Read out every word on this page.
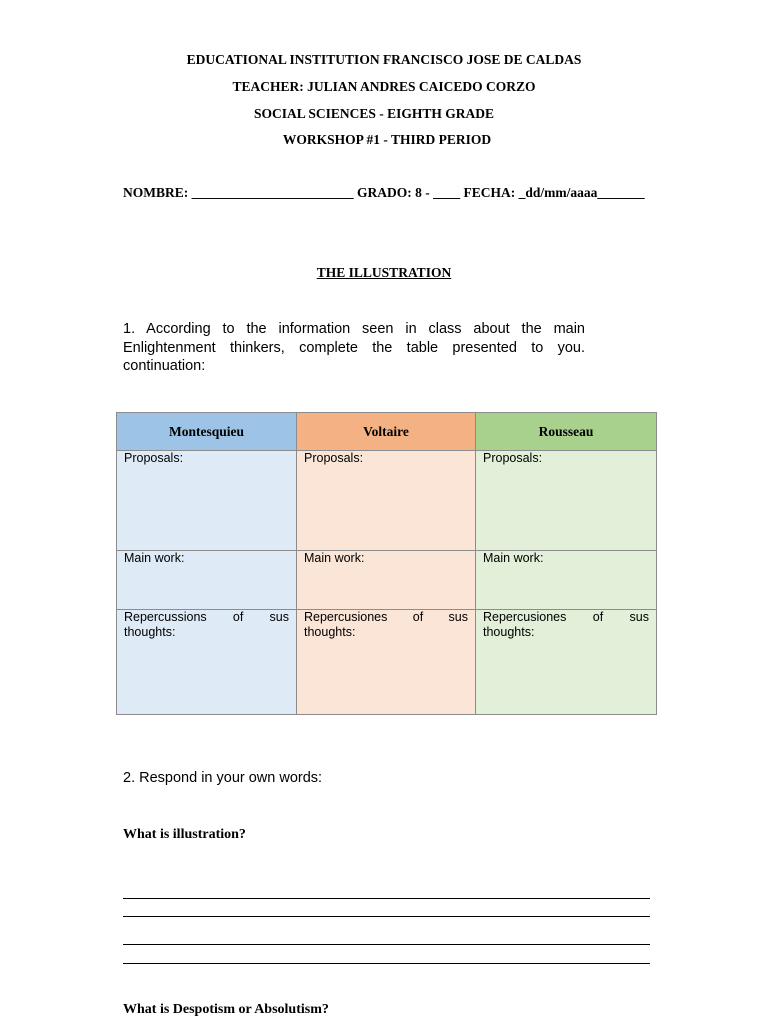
EDUCATIONAL INSTITUTION FRANCISCO JOSE DE CALDAS
TEACHER: JULIAN ANDRES CAICEDO CORZO
SOCIAL SCIENCES - EIGHTH GRADE
WORKSHOP #1 - THIRD PERIOD
NOMBRE: ________________________ GRADO: 8 - ____ FECHA: _dd/mm/aaaa_______
THE ILLUSTRATION
1. According to the information seen in class about the main Enlightenment thinkers, complete the table presented to you. continuation:
Montesquieu	Voltaire	Rousseau

Proposals:	Proposals:	Proposals:

Main work:	Main work:	Main work:

Repercussions of sus thoughts:	Repercusiones of sus thoughts:	Repercusiones of sus thoughts:
2. Respond in your own words:
What is illustration?
What is Despotism or Absolutism?
